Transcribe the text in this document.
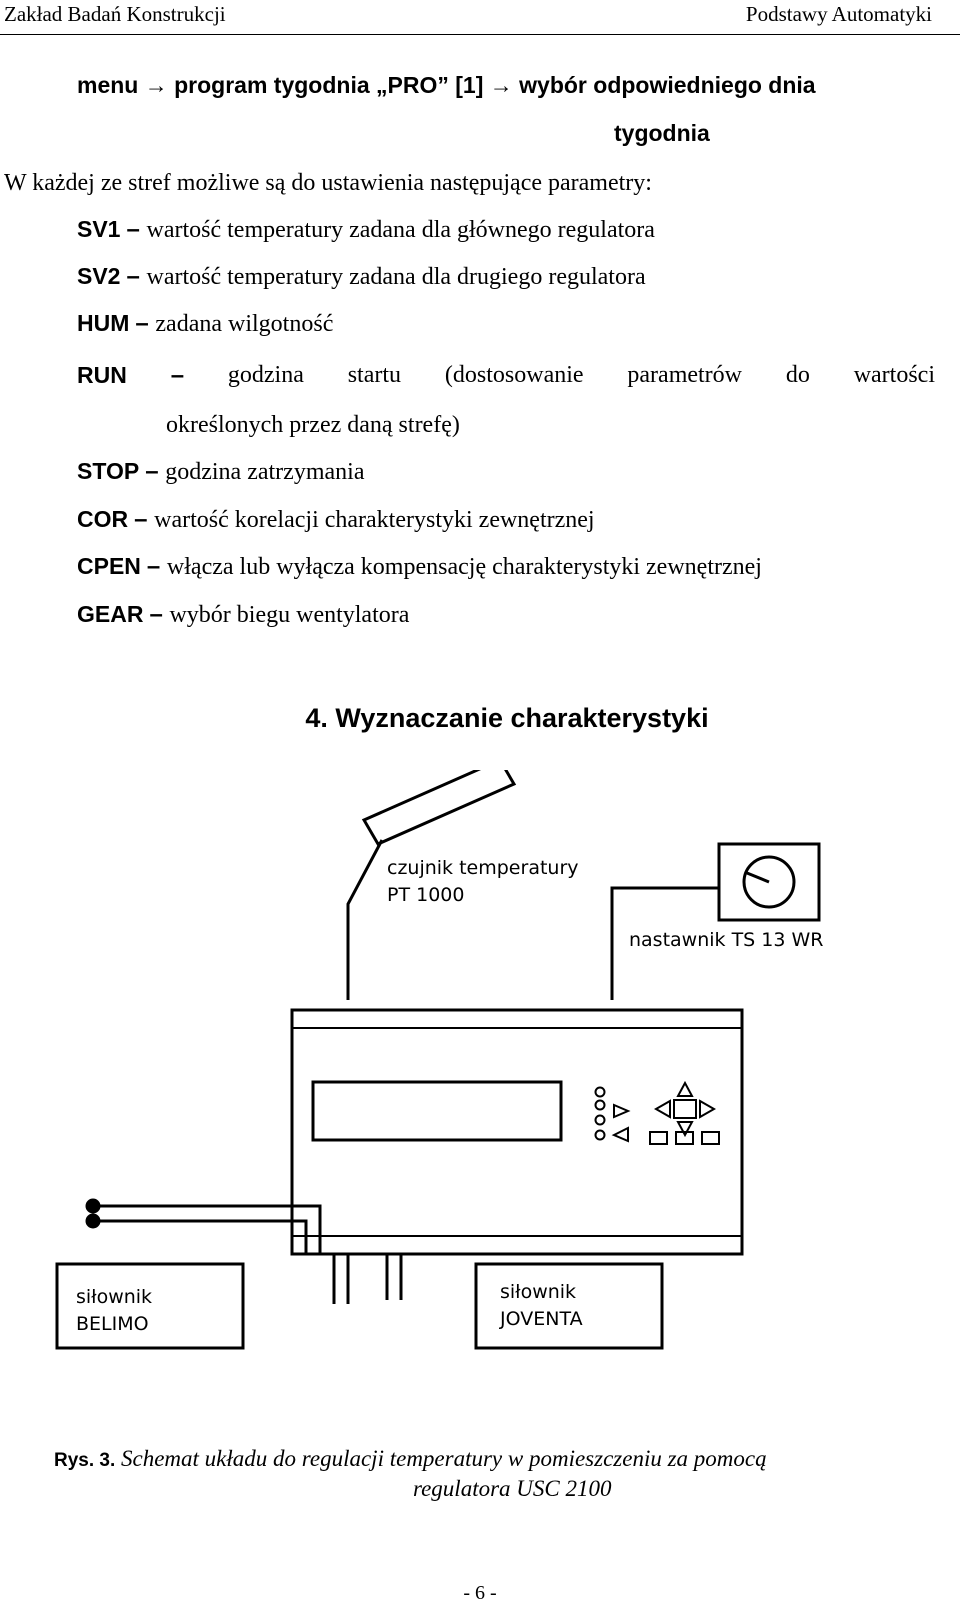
Zakład Badań Konstrukcji	Podstawy Automatyki
menu → program tygodnia „PRO” [1] → wybór odpowiedniego dnia
tygodnia
W każdej ze stref możliwe są do ustawienia następujące parametry:
SV1 – wartość temperatury zadana dla głównego regulatora
SV2 – wartość temperatury zadana dla drugiego regulatora
HUM – zadana wilgotność
RUN – godzina startu (dostosowanie parametrów do wartości
określonych przez daną strefę)
STOP – godzina zatrzymania
COR – wartość korelacji charakterystyki zewnętrznej
CPEN – włącza lub wyłącza kompensację charakterystyki zewnętrznej
GEAR – wybór biegu wentylatora
4. Wyznaczanie charakterystyki
czujnik temperatury
PT 1000
nastawnik TS 13 WR
siłownik
BELIMO
siłownik
JOVENTA
Rys. 3. Schemat układu do regulacji temperatury w pomieszczeniu za pomocą
regulatora USC 2100
- 6 -
